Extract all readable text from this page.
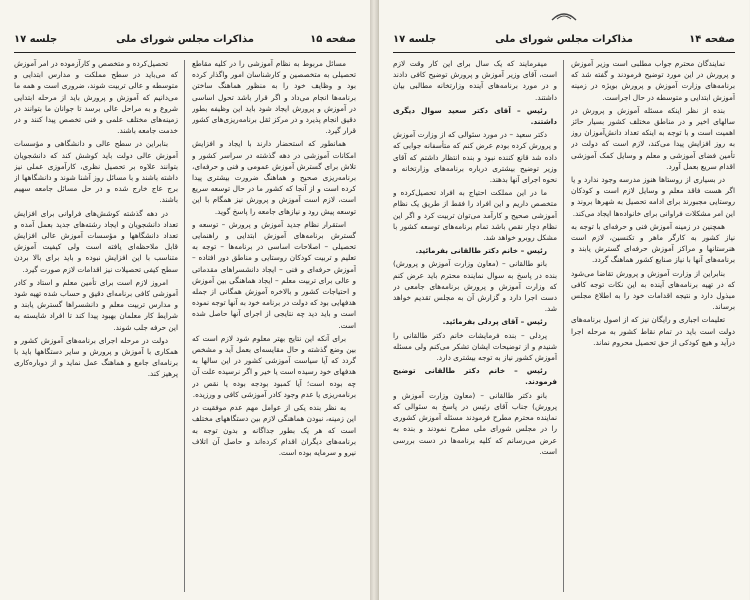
صفحه ۱۵
مذاکرات مجلس شورای ملی
جلسه ۱۷

مسائل مربوط به نظام آموزشی را در کلیه مقاطع تحصیلی به متخصصین و کارشناسان امور واگذار کرده بود و وظایف خود را به منظور هماهنگ ساختن برنامه‌ها انجام می‌داد و اگر قرار باشد تحول اساسی در آموزش و پرورش ایجاد شود باید این وظیفه بطور دقیق انجام پذیرد و در مرکز ثقل برنامه‌ریزی‌های کشور قرار گیرد.

همانطور که استحضار دارند با ایجاد و افزایش امکانات آموزشی در دهه گذشته در سراسر کشور و تلاش برای گسترش آموزش عمومی و فنی و حرفه‌ای، برنامه‌ریزی صحیح و هماهنگ ضرورت بیشتری پیدا کرده است و از آنجا که کشور ما در حال توسعه سریع است، لازم است آموزش و پرورش نیز همگام با این توسعه پیش رود و نیازهای جامعه را پاسخ گوید.

استقرار نظام جدید آموزش و پرورش – توسعه و گسترش برنامه‌های آموزش ابتدایی و راهنمایی تحصیلی – اصلاحات اساسی در برنامه‌ها – توجه به تعلیم و تربیت کودکان روستایی و مناطق دور افتاده – آموزش حرفه‌ای و فنی – ایجاد دانشسراهای مقدماتی و عالی برای تربیت معلم – ایجاد هماهنگی بین آموزش و احتیاجات کشور و بالاخره آموزش همگانی از جمله هدفهایی بود که دولت در برنامه خود به آنها توجه نموده است و باید دید چه نتایجی از اجرای آنها حاصل شده است.

برای آنکه این نتایج بهتر معلوم شود لازم است که بین وضع گذشته و حال مقایسه‌ای بعمل آید و مشخص گردد که آیا سیاست آموزشی کشور در این سالها به هدفهای خود رسیده است یا خیر و اگر نرسیده علت آن چه بوده است؛ آیا کمبود بودجه بوده یا نقص در برنامه‌ریزی یا عدم وجود کادر آموزشی کافی و ورزیده.

به نظر بنده یکی از عوامل مهم عدم موفقیت در این زمینه، نبودن هماهنگی لازم بین دستگاههای مختلف است که هر یک بطور جداگانه و بدون توجه به برنامه‌های دیگران اقدام کرده‌اند و حاصل آن اتلاف نیرو و سرمایه بوده است.

تحصیل‌کرده و متخصص و کارآزموده در امر آموزش که می‌باید در سطح مملکت و مدارس ابتدایی و متوسطه و عالی تربیت شوند، ضروری است و همه ما می‌دانیم که آموزش و پرورش باید از مرحله ابتدایی شروع و به مراحل عالی برسد تا جوانان ما بتوانند در زمینه‌های مختلف علمی و فنی تخصص پیدا کنند و در خدمت جامعه باشند.

بنابراین در سطح عالی و دانشگاهی و مؤسسات آموزش عالی دولت باید کوشش کند که دانشجویان بتوانند علاوه بر تحصیل نظری، کارآموزی عملی نیز داشته باشند و با مسائل روز آشنا شوند و دانشگاهها از برج عاج خارج شده و در حل مسائل جامعه سهیم باشند.

در دهه گذشته کوشش‌های فراوانی برای افزایش تعداد دانشجویان و ایجاد رشته‌های جدید بعمل آمده و تعداد دانشگاهها و مؤسسات آموزش عالی افزایش قابل ملاحظه‌ای یافته است ولی کیفیت آموزش متناسب با این افزایش نبوده و باید برای بالا بردن سطح کیفی تحصیلات نیز اقدامات لازم صورت گیرد.

امروز لازم است برای تأمین معلم و استاد و کادر آموزشی کافی برنامه‌ای دقیق و حساب شده تهیه شود و مدارس تربیت معلم و دانشسراها گسترش یابند و شرایط کار معلمان بهبود پیدا کند تا افراد شایسته به این حرفه جلب شوند.

دولت در مرحله اجرای برنامه‌های آموزش کشور و همکاری با آموزش و پرورش و سایر دستگاهها باید با برنامه‌ای جامع و هماهنگ عمل نماید و از دوباره‌کاری پرهیز کند.

صفحه ۱۴
مذاکرات مجلس شورای ملی
جلسه ۱۷

نمایندگان محترم جواب مطلبی است وزیر آموزش و پرورش در این مورد توضیح فرمودند و گفته شد که برنامه‌های وزارت آموزش و پرورش بویژه در زمینه آموزش ابتدایی و متوسطه در حال اجراست.

بنده از نظر اینکه مسئله آموزش و پرورش در سالهای اخیر و در مناطق مختلف کشور بسیار حائز اهمیت است و با توجه به اینکه تعداد دانش‌آموزان روز به روز افزایش پیدا می‌کند، لازم است که دولت در تأمین فضای آموزشی و معلم و وسایل کمک آموزشی اقدام سریع بعمل آورد.

در بسیاری از روستاها هنوز مدرسه وجود ندارد و یا اگر هست فاقد معلم و وسایل لازم است و کودکان روستایی مجبورند برای ادامه تحصیل به شهرها بروند و این امر مشکلات فراوانی برای خانواده‌ها ایجاد می‌کند.

همچنین در زمینه آموزش فنی و حرفه‌ای با توجه به نیاز کشور به کارگر ماهر و تکنسین، لازم است هنرستانها و مراکز آموزش حرفه‌ای گسترش یابند و برنامه‌های آنها با نیاز صنایع کشور هماهنگ گردد.

بنابراین از وزارت آموزش و پرورش تقاضا می‌شود که در تهیه برنامه‌های آینده به این نکات توجه کافی مبذول دارد و نتیجه اقدامات خود را به اطلاع مجلس برساند.

تعلیمات اجباری و رایگان نیز که از اصول برنامه‌های دولت است باید در تمام نقاط کشور به مرحله اجرا درآید و هیچ کودکی از حق تحصیل محروم نماند.

میفرمایند که یک سال برای این کار وقت لازم است، آقای وزیر آموزش و پرورش توضیح کافی دادند و در مورد برنامه‌های آینده وزارتخانه مطالبی بیان داشتند.

رئیس – آقای دکتر سعید سوال دیگری داشتند.

دکتر سعید – در مورد سئوالی که از وزارت آموزش و پرورش کرده بودم عرض کنم که متأسفانه جوابی که داده شد قانع کننده نبود و بنده انتظار داشتم که آقای وزیر توضیح بیشتری درباره برنامه‌های وزارتخانه و نحوه اجرای آنها بدهند.

ما در این مملکت احتیاج به افراد تحصیل‌کرده و متخصص داریم و این افراد را فقط از طریق یک نظام آموزشی صحیح و کارآمد می‌توان تربیت کرد و اگر این نظام دچار نقص باشد تمام برنامه‌های توسعه کشور با مشکل روبرو خواهد شد.

رئیس – خانم دکتر طالقانی بفرمائید.

بانو طالقانی – (معاون وزارت آموزش و پرورش) بنده در پاسخ به سوال نماینده محترم باید عرض کنم که وزارت آموزش و پرورش برنامه‌های جامعی در دست اجرا دارد و گزارش آن به مجلس تقدیم خواهد شد.

رئیس – آقای پردلی بفرمائید.

پردلی – بنده فرمایشات خانم دکتر طالقانی را شنیدم و از توضیحات ایشان تشکر می‌کنم ولی مسئله آموزش کشور نیاز به توجه بیشتری دارد.

رئیس – خانم دکتر طالقانی توضیح فرمودند.

بانو دکتر طالقانی – (معاون وزارت آموزش و پرورش) جناب آقای رئیس در پاسخ به سئوالی که نماینده محترم مطرح فرمودند مسئله آموزش کشوری را در مجلس شورای ملی مطرح نمودند و بنده به عرض می‌رسانم که کلیه برنامه‌ها در دست بررسی است.
